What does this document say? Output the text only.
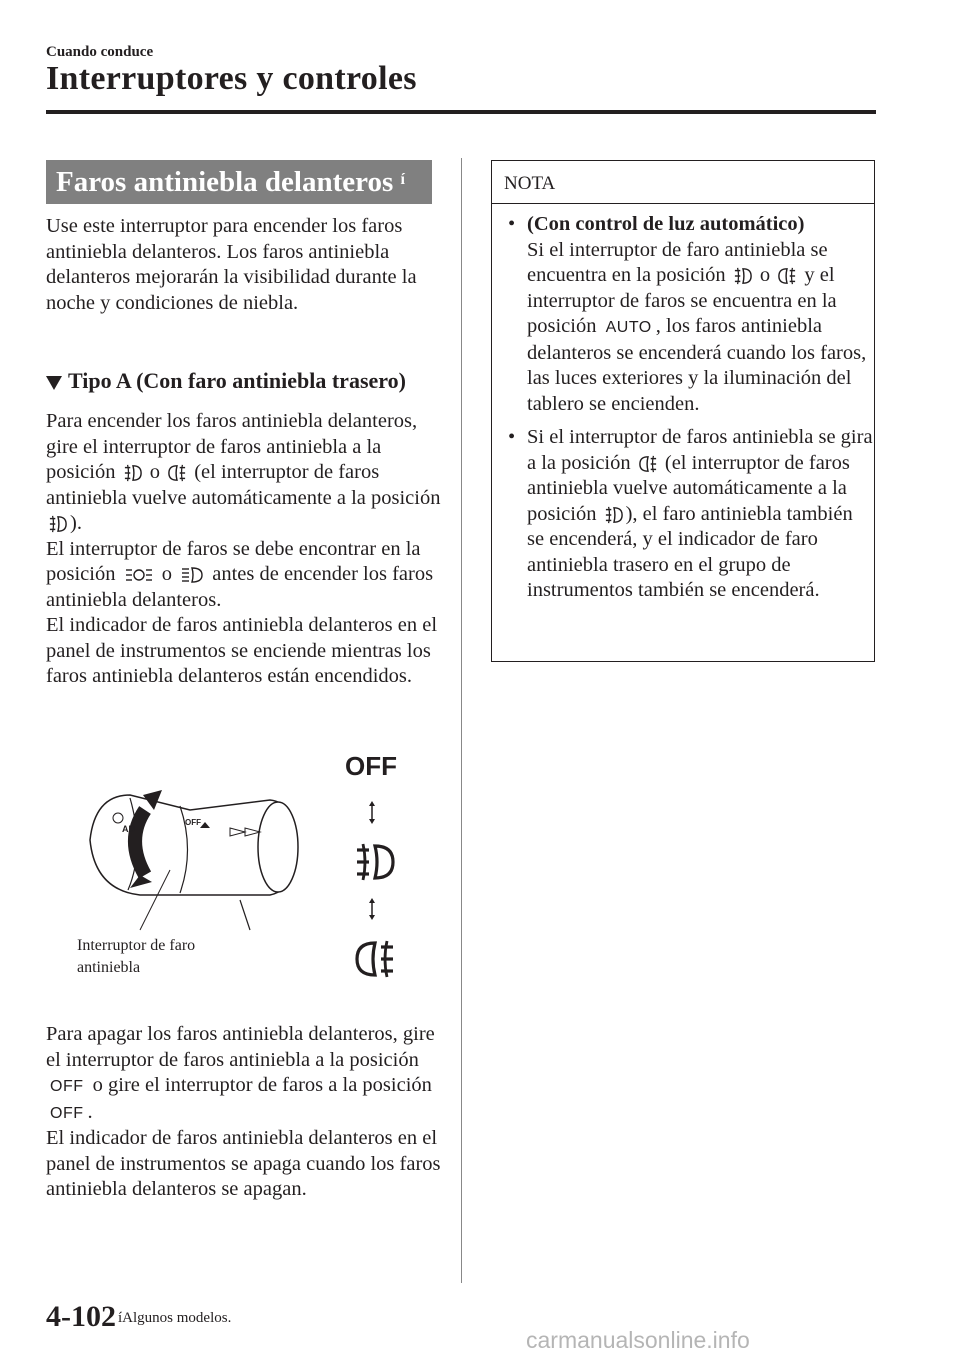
Cuando conduce
Interruptores y controles
Faros antiniebla delanteros $^í$

Use este interruptor para encender los faros antiniebla delanteros. Los faros antiniebla delanteros mejorarán la visibilidad durante la noche y condiciones de niebla.

Tipo A (Con faro antiniebla trasero)

Para encender los faros antiniebla delanteros, gire el interruptor de faros antiniebla a la posición o (el interruptor de faros antiniebla vuelve automáticamente a la posición ).

El interruptor de faros se debe encontrar en la posición o antes de encender los faros antiniebla delanteros.

El indicador de faros antiniebla delanteros en el panel de instrumentos se enciende mientras los faros antiniebla delanteros están encendidos.

AU
OFF
OFF
Interruptor de faro
antiniebla

Para apagar los faros antiniebla delanteros, gire el interruptor de faros antiniebla a la posición OFF o gire el interruptor de faros a la posición OFF .

El indicador de faros antiniebla delanteros en el panel de instrumentos se apaga cuando los faros antiniebla delanteros se apagan.

NOTA
• (Con control de luz automático)
Si el interruptor de faro antiniebla se encuentra en la posición o y el interruptor de faros se encuentra en la posición AUTO , los faros antiniebla delanteros se encenderá cuando los faros, las luces exteriores y la iluminación del tablero se encienden.
• Si el interruptor de faros antiniebla se gira a la posición (el interruptor de faros antiniebla vuelve automáticamente a la posición ), el faro antiniebla también se encenderá, y el indicador de faro antiniebla trasero en el grupo de instrumentos también se encenderá.
4-102 íAlgunos modelos.
carmanualsonline.info
